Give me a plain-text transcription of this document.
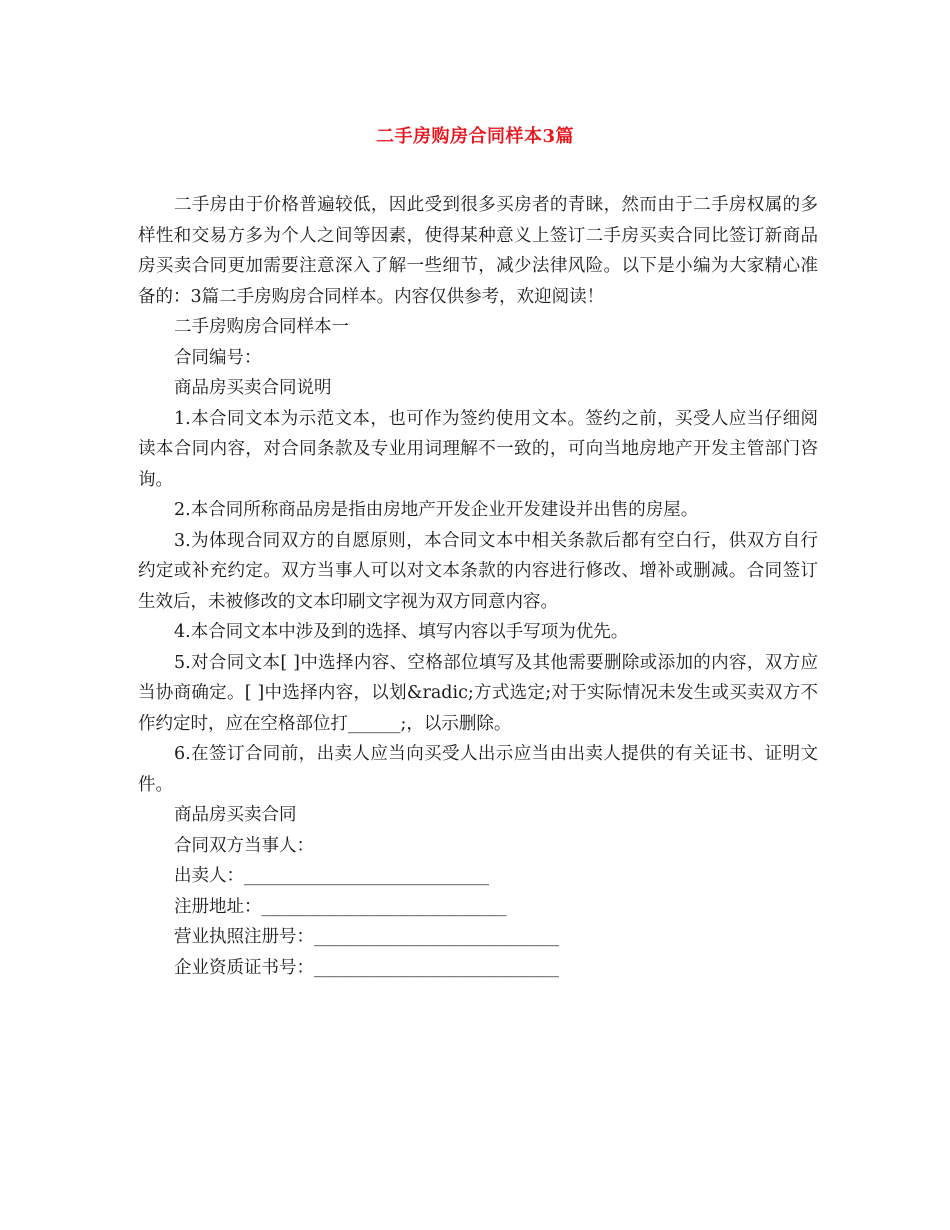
二手房购房合同样本3篇

二手房由于价格普遍较低，因此受到很多买房者的青睐，然而由于二手房权属的多样性和交易方多为个人之间等因素，使得某种意义上签订二手房买卖合同比签订新商品房买卖合同更加需要注意深入了解一些细节，减少法律风险。以下是小编为大家精心准备的：3篇二手房购房合同样本。内容仅供参考，欢迎阅读！

二手房购房合同样本一

合同编号：

商品房买卖合同说明

1.本合同文本为示范文本，也可作为签约使用文本。签约之前，买受人应当仔细阅读本合同内容，对合同条款及专业用词理解不一致的，可向当地房地产开发主管部门咨询。

2.本合同所称商品房是指由房地产开发企业开发建设并出售的房屋。

3.为体现合同双方的自愿原则，本合同文本中相关条款后都有空白行，供双方自行约定或补充约定。双方当事人可以对文本条款的内容进行修改、增补或删减。合同签订生效后，未被修改的文本印刷文字视为双方同意内容。

4.本合同文本中涉及到的选择、填写内容以手写项为优先。

5.对合同文本[ ]中选择内容、空格部位填写及其他需要删除或添加的内容，双方应当协商确定。[ ]中选择内容，以划&radic;方式选定;对于实际情况未发生或买卖双方不作约定时，应在空格部位打______;，以示删除。

6.在签订合同前，出卖人应当向买受人出示应当由出卖人提供的有关证书、证明文件。

商品房买卖合同

合同双方当事人：

出卖人：____________________________

注册地址：____________________________

营业执照注册号：____________________________

企业资质证书号：____________________________
